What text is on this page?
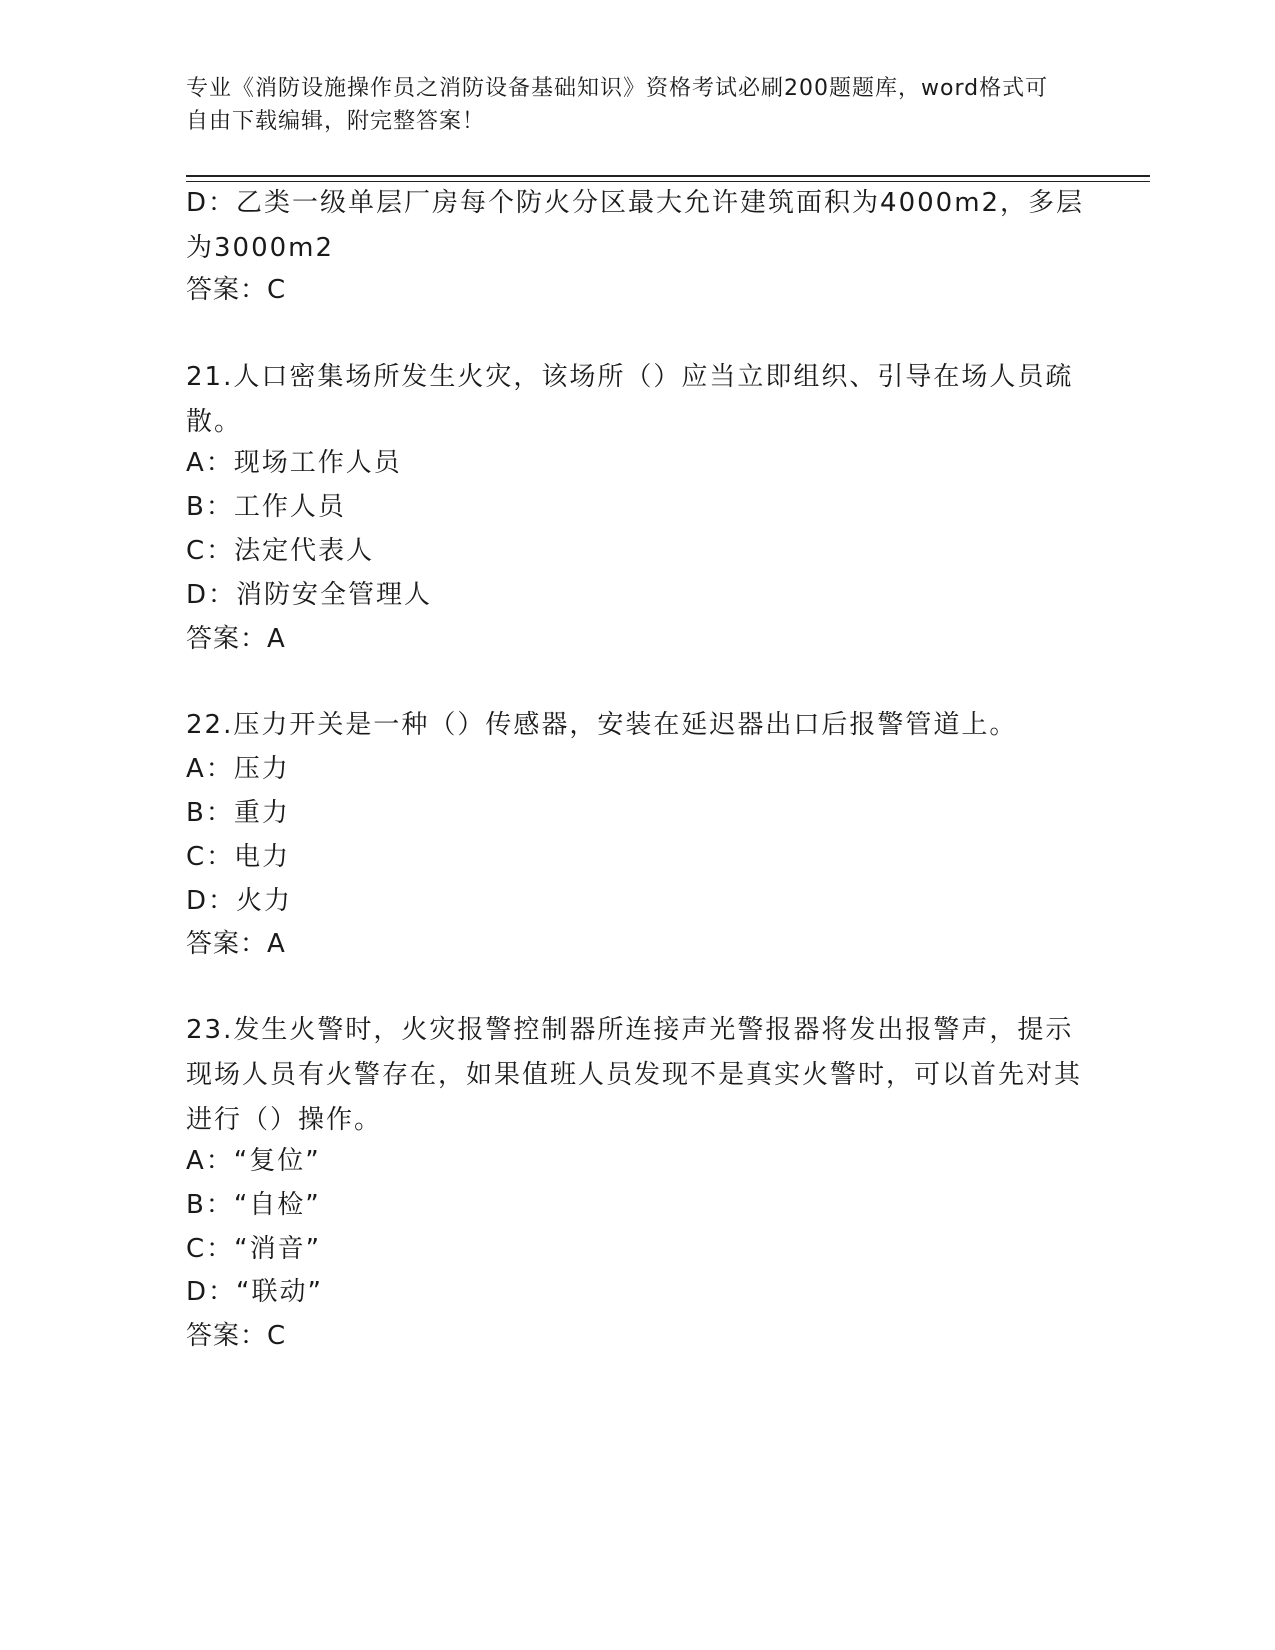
专业《消防设施操作员之消防设备基础知识》资格考试必刷200题题库，word格式可自由下载编辑，附完整答案！

D：乙类一级单层厂房每个防火分区最大允许建筑面积为4000m2，多层为3000m2

答案：C

21.人口密集场所发生火灾，该场所（）应当立即组织、引导在场人员疏散。

A：现场工作人员

B：工作人员

C：法定代表人

D：消防安全管理人

答案：A

22.压力开关是一种（）传感器，安装在延迟器出口后报警管道上。

A：压力

B：重力

C：电力

D：火力

答案：A

23.发生火警时，火灾报警控制器所连接声光警报器将发出报警声，提示现场人员有火警存在，如果值班人员发现不是真实火警时，可以首先对其进行（）操作。

A：“复位”

B：“自检”

C：“消音”

D：“联动”

答案：C
